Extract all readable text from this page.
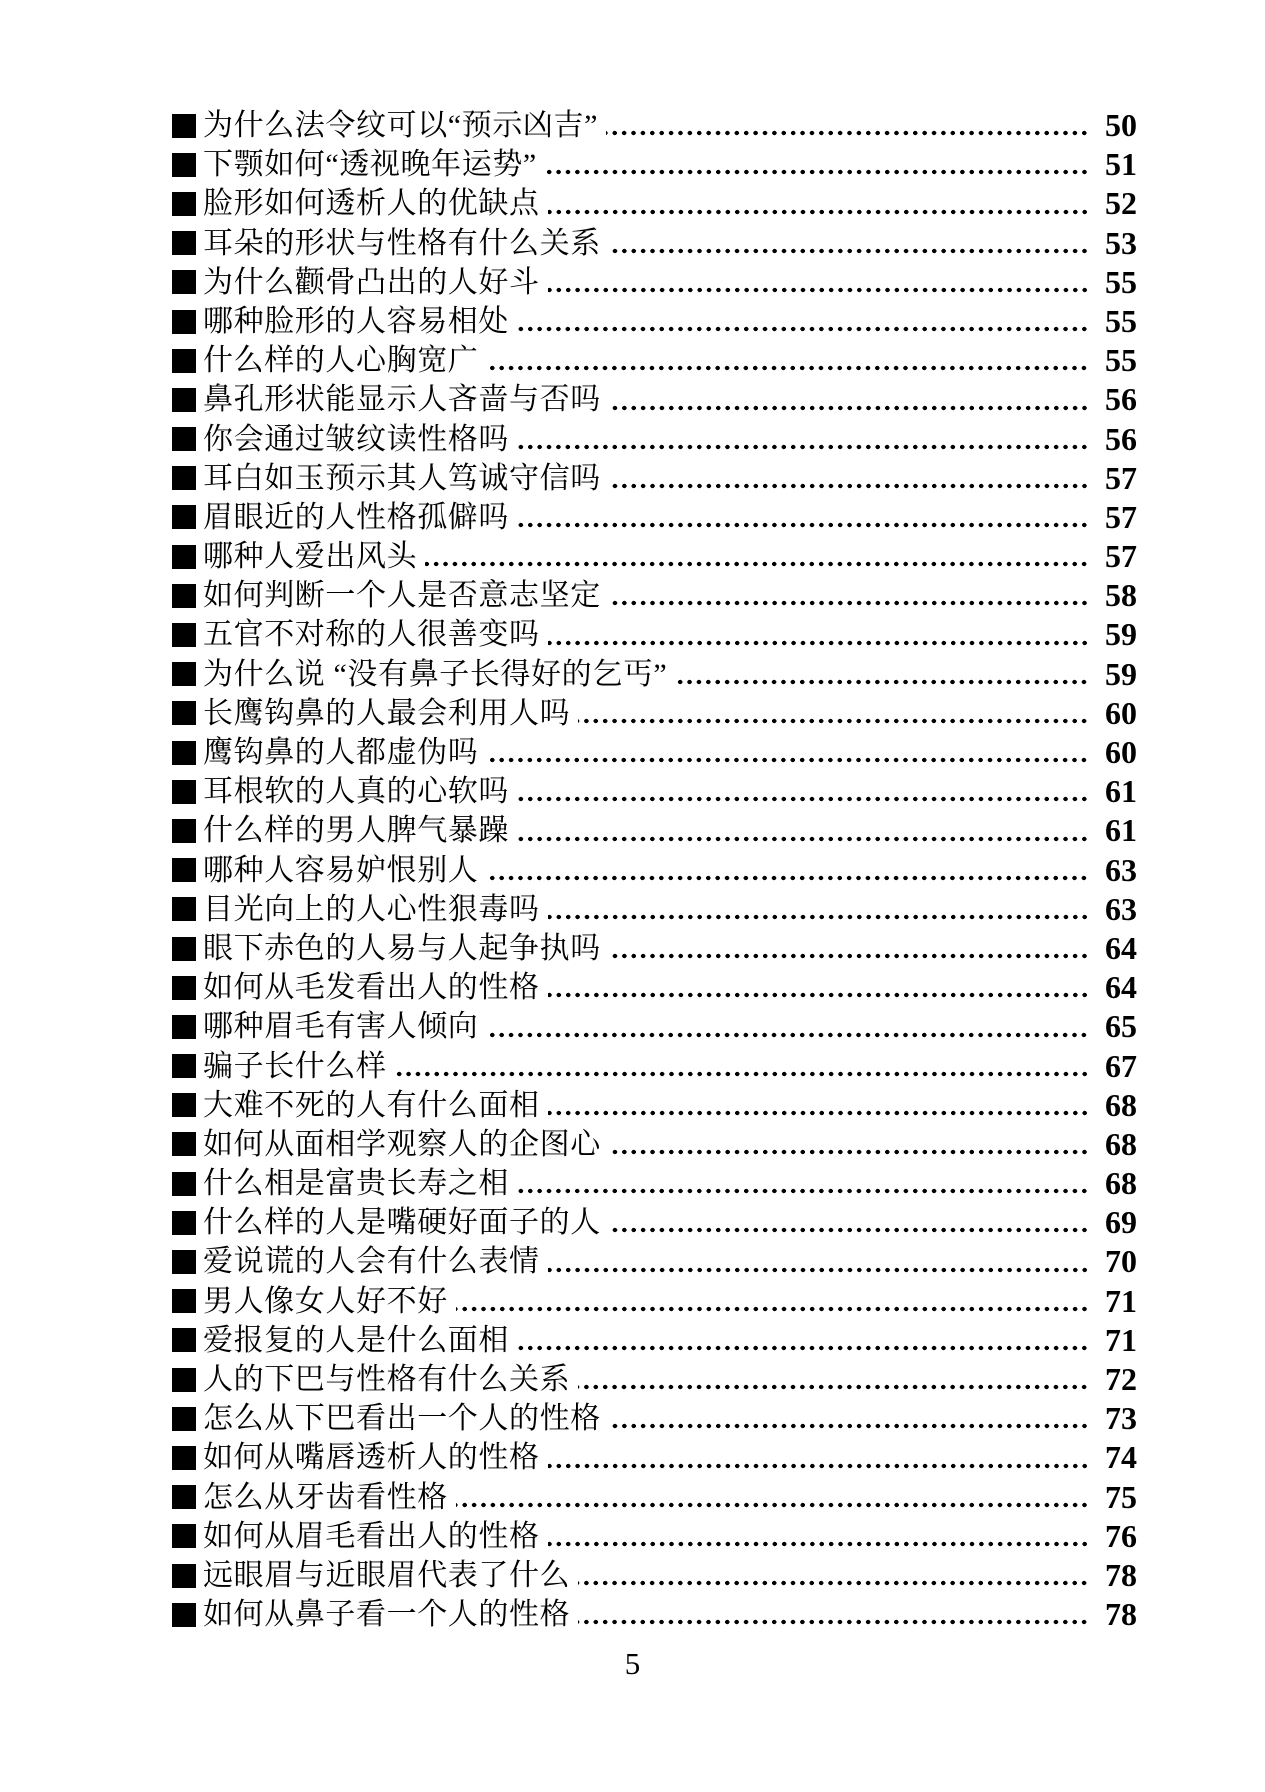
■ 为什么法令纹可以“预示凶吉”	50
■ 下颚如何“透视晚年运势”	51
■ 脸形如何透析人的优缺点	52
■ 耳朵的形状与性格有什么关系	53
■ 为什么颧骨凸出的人好斗	55
■ 哪种脸形的人容易相处	55
■ 什么样的人心胸宽广	55
■ 鼻孔形状能显示人吝啬与否吗	56
■ 你会通过皱纹读性格吗	56
■ 耳白如玉预示其人笃诚守信吗	57
■ 眉眼近的人性格孤僻吗	57
■ 哪种人爱出风头	57
■ 如何判断一个人是否意志坚定	58
■ 五官不对称的人很善变吗	59
■ 为什么说 “没有鼻子长得好的乞丐”	59
■ 长鹰钩鼻的人最会利用人吗	60
■ 鹰钩鼻的人都虚伪吗	60
■ 耳根软的人真的心软吗	61
■ 什么样的男人脾气暴躁	61
■ 哪种人容易妒恨别人	63
■ 目光向上的人心性狠毒吗	63
■ 眼下赤色的人易与人起争执吗	64
■ 如何从毛发看出人的性格	64
■ 哪种眉毛有害人倾向	65
■ 骗子长什么样	67
■ 大难不死的人有什么面相	68
■ 如何从面相学观察人的企图心	68
■ 什么相是富贵长寿之相	68
■ 什么样的人是嘴硬好面子的人	69
■ 爱说谎的人会有什么表情	70
■ 男人像女人好不好	71
■ 爱报复的人是什么面相	71
■ 人的下巴与性格有什么关系	72
■ 怎么从下巴看出一个人的性格	73
■ 如何从嘴唇透析人的性格	74
■ 怎么从牙齿看性格	75
■ 如何从眉毛看出人的性格	76
■ 远眼眉与近眼眉代表了什么	78
■ 如何从鼻子看一个人的性格	78
5
